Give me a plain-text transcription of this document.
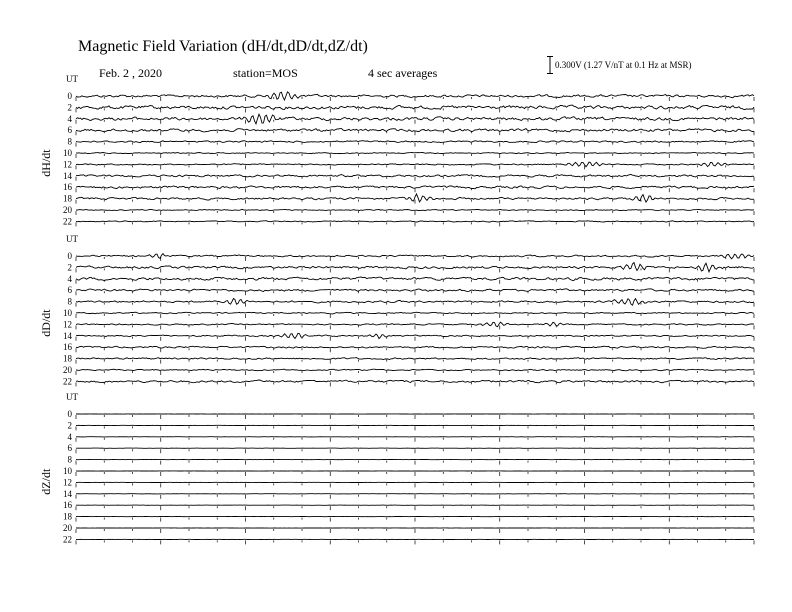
Magnetic Field Variation (dH/dt,dD/dt,dZ/dt)
Feb. 2 , 2020	station=MOS	4 sec averages
0.300V (1.27 V/nT at 0.1 Hz at MSR)
UT
dH/dt
0
2
4
6
8
10
12
14
16
18
20
22
UT
dD/dt
0
2
4
6
8
10
12
14
16
18
20
22
UT
dZ/dt
0
2
4
6
8
10
12
14
16
18
20
22
